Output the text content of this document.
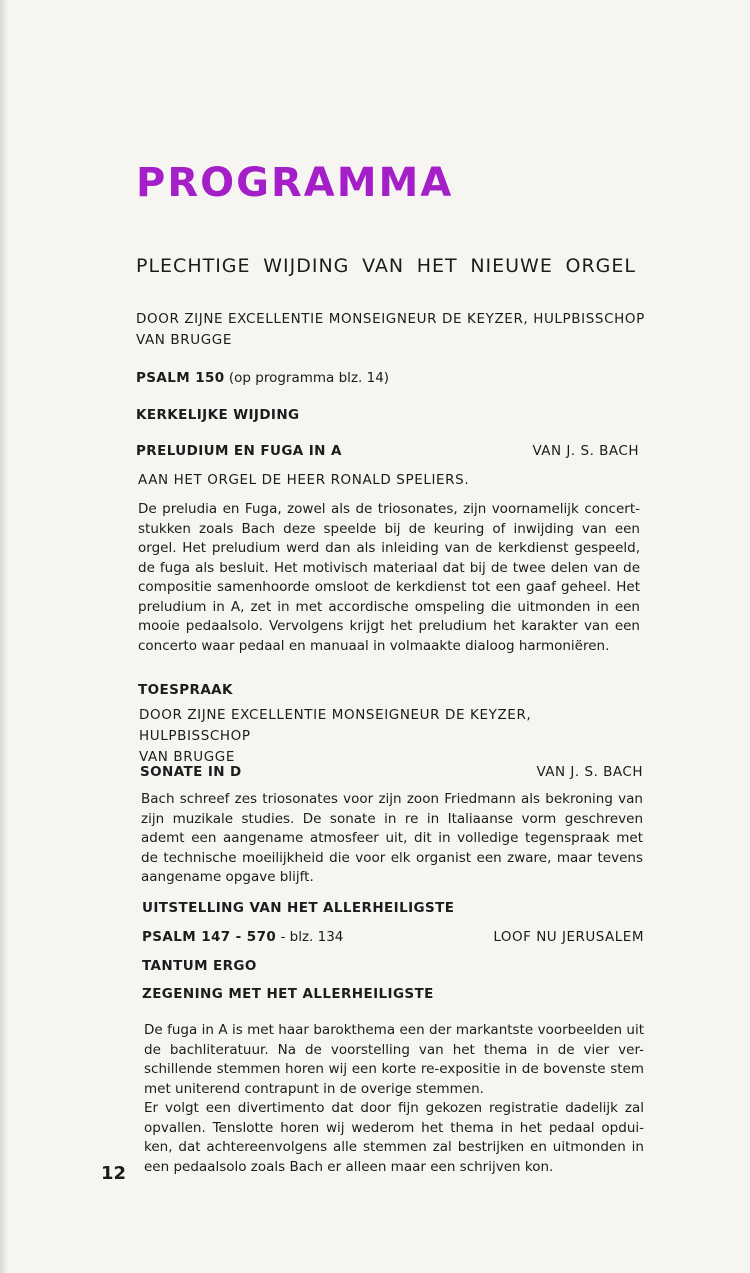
PROGRAMMA
PLECHTIGE WIJDING VAN HET NIEUWE ORGEL
DOOR ZIJNE EXCELLENTIE MONSEIGNEUR DE KEYZER, HULPBISSCHOP
VAN BRUGGE
PSALM 150 (op programma blz. 14)
KERKELIJKE WIJDING
PRELUDIUM EN FUGA IN A	VAN J. S. BACH
AAN HET ORGEL DE HEER RONALD SPELIERS.

De preludia en Fuga, zowel als de triosonates, zijn voornamelijk concert-stukken zoals Bach deze speelde bij de keuring of inwijding van een orgel. Het preludium werd dan als inleiding van de kerkdienst gespeeld, de fuga als besluit. Het motivisch materiaal dat bij de twee delen van de compositie samenhoorde omsloot de kerkdienst tot een gaaf geheel. Het preludium in A, zet in met accordische omspeling die uitmonden in een mooie pedaalsolo. Vervolgens krijgt het preludium het karakter van een concerto waar pedaal en manuaal in volmaakte dialoog harmoniëren.

TOESPRAAK
DOOR ZIJNE EXCELLENTIE MONSEIGNEUR DE KEYZER, HULPBISSCHOP
VAN BRUGGE
SONATE IN D	VAN J. S. BACH

Bach schreef zes triosonates voor zijn zoon Friedmann als bekroning van zijn muzikale studies. De sonate in re in Italiaanse vorm geschreven ademt een aangename atmosfeer uit, dit in volledige tegenspraak met de technische moeilijkheid die voor elk organist een zware, maar tevens aangename opgave blijft.

UITSTELLING VAN HET ALLERHEILIGSTE
PSALM 147 - 570 - blz. 134	LOOF NU JERUSALEM
TANTUM ERGO
ZEGENING MET HET ALLERHEILIGSTE

De fuga in A is met haar barokthema een der markantste voorbeelden uit de bachliteratuur. Na de voorstelling van het thema in de vier ver-schillende stemmen horen wij een korte re-expositie in de bovenste stem met uniterend contrapunt in de overige stemmen.

Er volgt een divertimento dat door fijn gekozen registratie dadelijk zal opvallen. Tenslotte horen wij wederom het thema in het pedaal opdui-ken, dat achtereenvolgens alle stemmen zal bestrijken en uitmonden in een pedaalsolo zoals Bach er alleen maar een schrijven kon.

12
